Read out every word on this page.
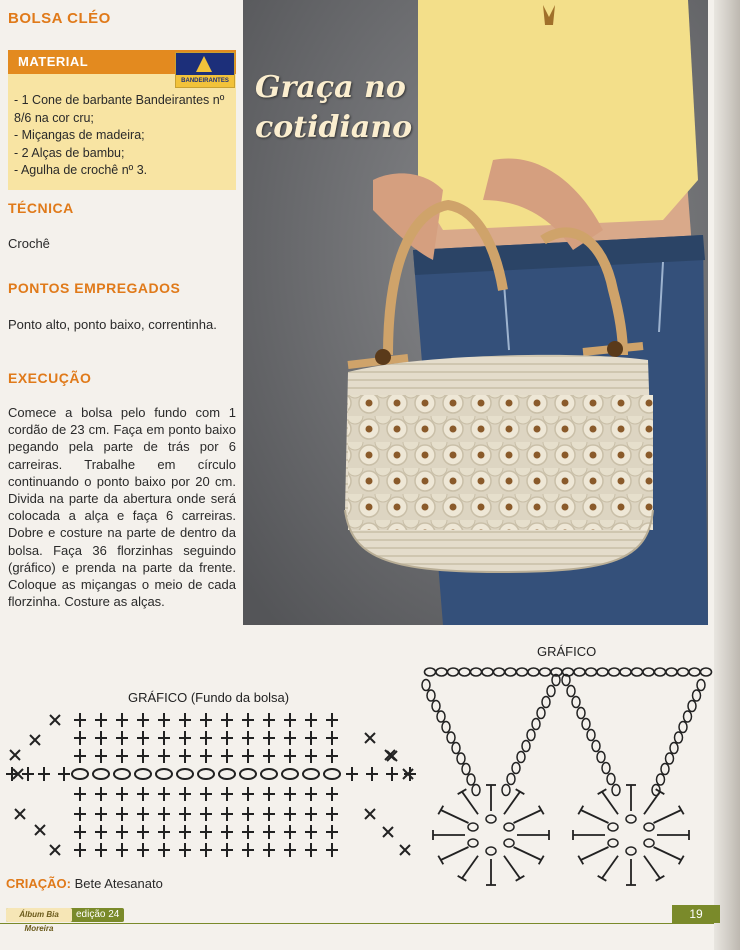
BOLSA CLÉO
MATERIAL
BANDEIRANTES
- 1 Cone de barbante Bandeirantes nº 8/6 na cor cru;
- Miçangas de madeira;
- 2 Alças de bambu;
- Agulha de crochê nº 3.
TÉCNICA
Crochê
PONTOS EMPREGADOS
Ponto alto, ponto baixo, correntinha.
EXECUÇÃO
Comece a bolsa pelo fundo com 1 cordão de 23 cm. Faça em ponto baixo pegando pela parte de trás por 6 carreiras. Trabalhe em círculo continuando o ponto baixo por 20 cm. Divida na parte da abertura onde será colocada a alça e faça 6 carreiras. Dobre e costure na parte de dentro da bolsa. Faça 36 florzinhas seguindo (gráfico) e prenda na parte da frente. Coloque as miçangas o meio de cada florzinha. Costure as alças.
Graça no
cotidiano
GRÁFICO (Fundo da bolsa)
GRÁFICO
CRIAÇÃO: Bete Atesanato
Álbum Bia Moreira
edição 24	19
